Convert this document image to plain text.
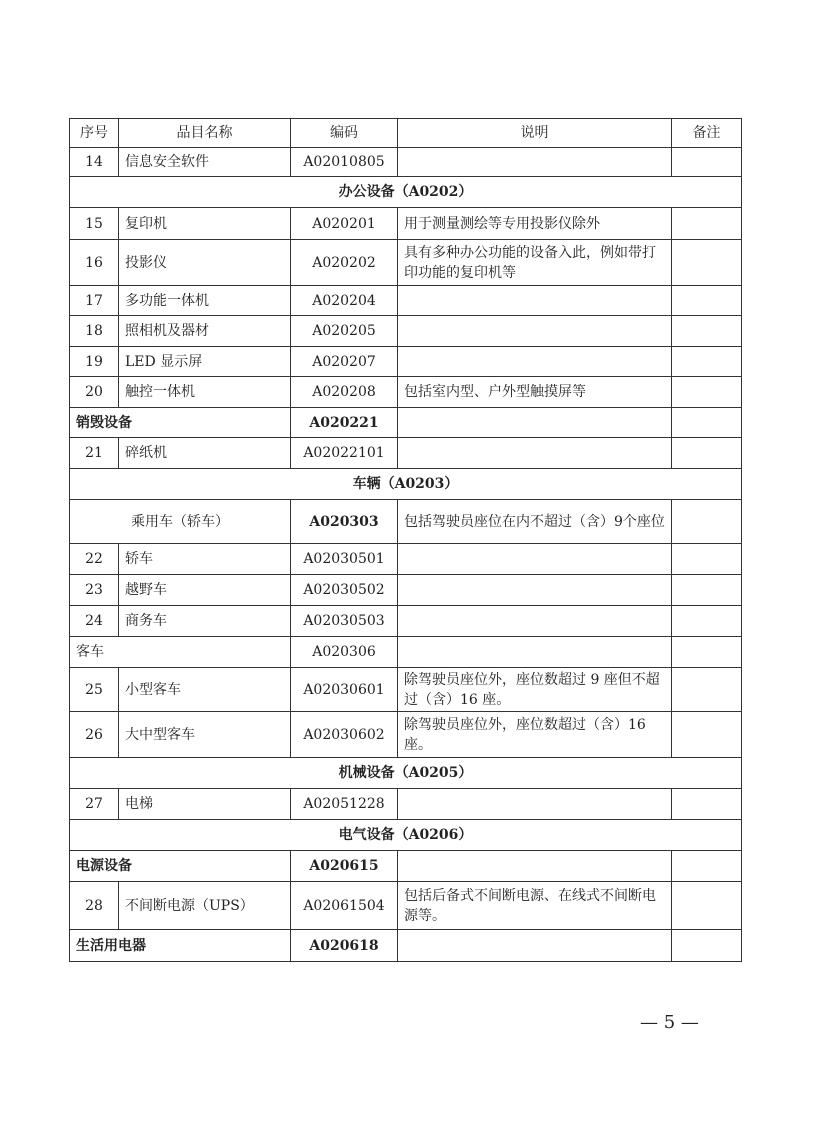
序号	品目名称	编码	说明	备注
14	信息安全软件	A02010805		
办公设备（A0202）				
15	复印机	A020201	用于测量测绘等专用投影仪除外	
16	投影仪	A020202	具有多种办公功能的设备入此，例如带打印功能的复印机等	
17	多功能一体机	A020204		
18	照相机及器材	A020205		
19	LED 显示屏	A020207		
20	触控一体机	A020208	包括室内型、户外型触摸屏等	
销毁设备		A020221		
21	碎纸机	A02022101		
车辆（A0203）				
乘用车（轿车）		A020303	包括驾驶员座位在内不超过（含）9个座位	
22	轿车	A02030501		
23	越野车	A02030502		
24	商务车	A02030503		
客车		A020306		
25	小型客车	A02030601	除驾驶员座位外，座位数超过 9 座但不超过（含）16 座。	
26	大中型客车	A02030602	除驾驶员座位外，座位数超过（含）16 座。	
机械设备（A0205）				
27	电梯	A02051228		
电气设备（A0206）				
电源设备		A020615		
28	不间断电源（UPS）	A02061504	包括后备式不间断电源、在线式不间断电源等。	
生活用电器		A020618		
— 5 —
